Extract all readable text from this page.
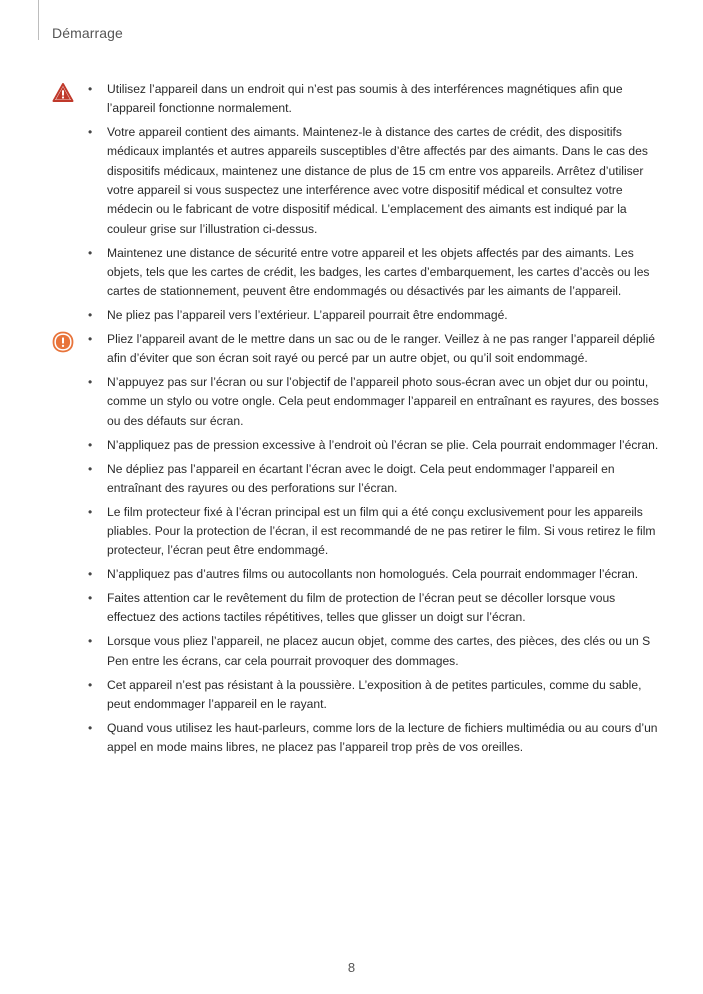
Démarrage
•	Utilisez l’appareil dans un endroit qui n’est pas soumis à des interférences magnétiques afin que l’appareil fonctionne normalement.
•	Votre appareil contient des aimants. Maintenez-le à distance des cartes de crédit, des dispositifs médicaux implantés et autres appareils susceptibles d’être affectés par des aimants. Dans le cas des dispositifs médicaux, maintenez une distance de plus de 15 cm entre vos appareils. Arrêtez d’utiliser votre appareil si vous suspectez une interférence avec votre dispositif médical et consultez votre médecin ou le fabricant de votre dispositif médical. L’emplacement des aimants est indiqué par la couleur grise sur l’illustration ci-dessus.
•	Maintenez une distance de sécurité entre votre appareil et les objets affectés par des aimants. Les objets, tels que les cartes de crédit, les badges, les cartes d’embarquement, les cartes d’accès ou les cartes de stationnement, peuvent être endommagés ou désactivés par les aimants de l’appareil.
•	Ne pliez pas l’appareil vers l’extérieur. L’appareil pourrait être endommagé.
•	Pliez l’appareil avant de le mettre dans un sac ou de le ranger. Veillez à ne pas ranger l’appareil déplié afin d’éviter que son écran soit rayé ou percé par un autre objet, ou qu’il soit endommagé.
•	N’appuyez pas sur l’écran ou sur l’objectif de l’appareil photo sous-écran avec un objet dur ou pointu, comme un stylo ou votre ongle. Cela peut endommager l’appareil en entraînant es rayures, des bosses ou des défauts sur écran.
•	N’appliquez pas de pression excessive à l’endroit où l’écran se plie. Cela pourrait endommager l’écran.
•	Ne dépliez pas l’appareil en écartant l’écran avec le doigt. Cela peut endommager l’appareil en entraînant des rayures ou des perforations sur l’écran.
•	Le film protecteur fixé à l’écran principal est un film qui a été conçu exclusivement pour les appareils pliables. Pour la protection de l’écran, il est recommandé de ne pas retirer le film. Si vous retirez le film protecteur, l’écran peut être endommagé.
•	N’appliquez pas d’autres films ou autocollants non homologués. Cela pourrait endommager l’écran.
•	Faites attention car le revêtement du film de protection de l’écran peut se décoller lorsque vous effectuez des actions tactiles répétitives, telles que glisser un doigt sur l’écran.
•	Lorsque vous pliez l’appareil, ne placez aucun objet, comme des cartes, des pièces, des clés ou un S Pen entre les écrans, car cela pourrait provoquer des dommages.
•	Cet appareil n’est pas résistant à la poussière. L’exposition à de petites particules, comme du sable, peut endommager l’appareil en le rayant.
•	Quand vous utilisez les haut-parleurs, comme lors de la lecture de fichiers multimédia ou au cours d’un appel en mode mains libres, ne placez pas l’appareil trop près de vos oreilles.
8
